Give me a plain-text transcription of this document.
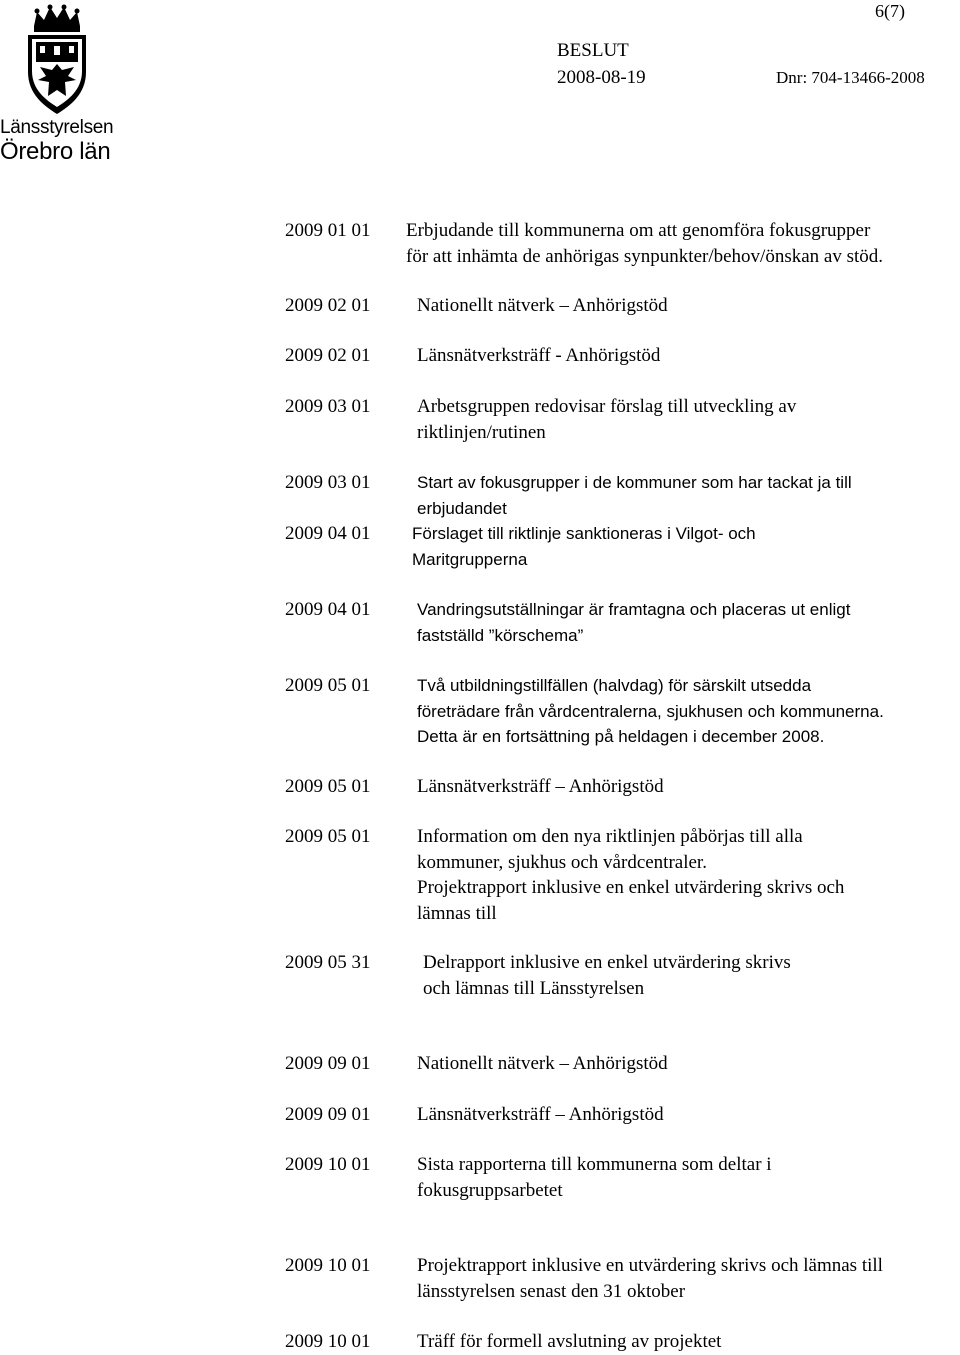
Länsstyrelsen
Örebro län
6(7)
BESLUT
2008-08-19	Dnr: 704-13466-2008
2009 01 01 Erbjudande till kommunerna om att genomföra fokusgrupper
för att inhämta de anhörigas synpunkter/behov/önskan av stöd.
2009 02 01 Nationellt nätverk – Anhörigstöd
2009 02 01 Länsnätverksträff - Anhörigstöd
2009 03 01 Arbetsgruppen redovisar förslag till utveckling av
riktlinjen/rutinen
2009 03 01	Start av fokusgrupper i de kommuner som har tackat ja till
erbjudandet
2009 04 01 Förslaget till riktlinje sanktioneras i Vilgot- och
Maritgrupperna
2009 04 01	Vandringsutställningar är framtagna och placeras ut enligt
fastställd ”körschema”
2009 05 01	Två utbildningstillfällen (halvdag) för särskilt utsedda
företrädare från vårdcentralerna, sjukhusen och kommunerna.
Detta är en fortsättning på heldagen i december 2008.
2009 05 01 Länsnätverksträff – Anhörigstöd
2009 05 01 Information om den nya riktlinjen påbörjas till alla
kommuner, sjukhus och vårdcentraler.
Projektrapport inklusive en enkel utvärdering skrivs och
lämnas till
2009 05 31	Delrapport inklusive en enkel utvärdering skrivs
och lämnas till Länsstyrelsen
2009 09 01 Nationellt nätverk – Anhörigstöd
2009 09 01 Länsnätverksträff – Anhörigstöd
2009 10 01 Sista rapporterna till kommunerna som deltar i
fokusgruppsarbetet
2009 10 01 Projektrapport inklusive en utvärdering skrivs och lämnas till
länsstyrelsen senast den 31 oktober
2009 10 01 Träff för formell avslutning av projektet
